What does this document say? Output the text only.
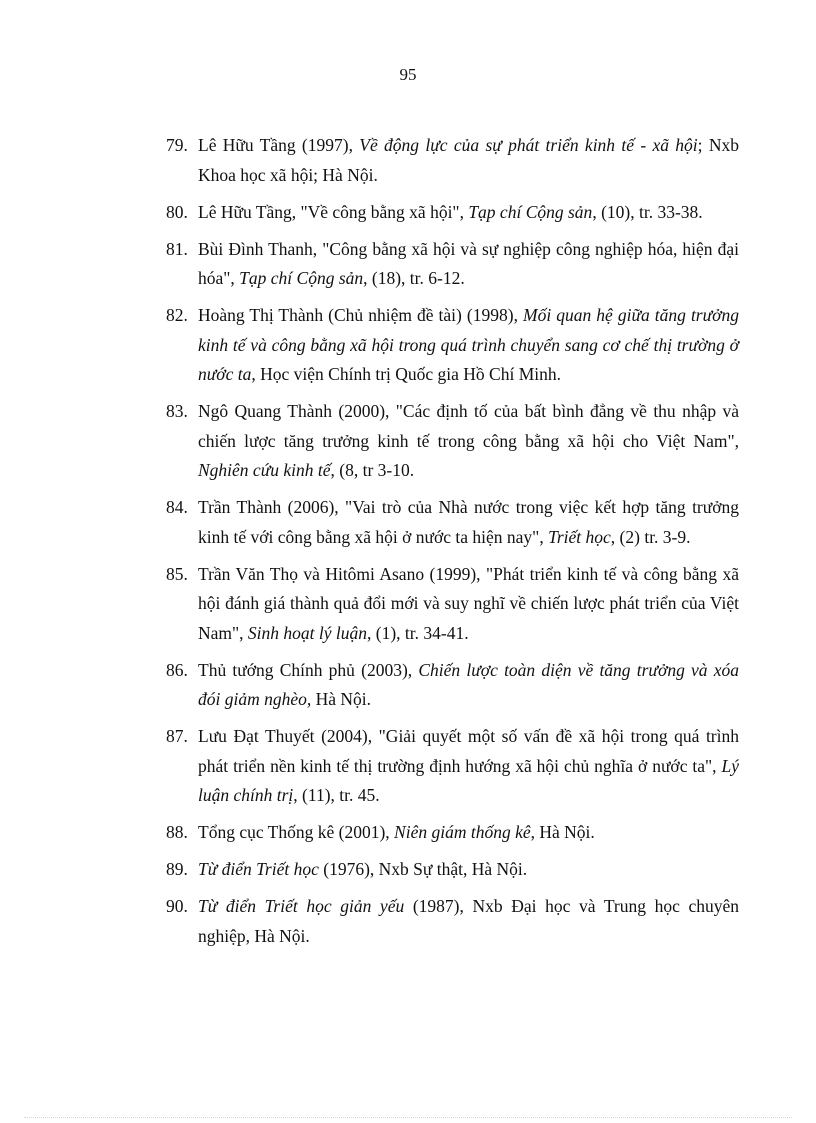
95
79. Lê Hữu Tầng (1997), Về động lực của sự phát triển kinh tế - xã hội; Nxb Khoa học xã hội; Hà Nội.
80. Lê Hữu Tầng, "Về công bằng xã hội", Tạp chí Cộng sản, (10), tr. 33-38.
81. Bùi Đình Thanh, "Công bằng xã hội và sự nghiệp công nghiệp hóa, hiện đại hóa", Tạp chí Cộng sản, (18), tr. 6-12.
82. Hoàng Thị Thành (Chủ nhiệm đề tài) (1998), Mối quan hệ giữa tăng trưởng kinh tế và công bằng xã hội trong quá trình chuyển sang cơ chế thị trường ở nước ta, Học viện Chính trị Quốc gia Hồ Chí Minh.
83. Ngô Quang Thành (2000), "Các định tố của bất bình đẳng về thu nhập và chiến lược tăng trưởng kinh tế trong công bằng xã hội cho Việt Nam", Nghiên cứu kinh tế, (8, tr 3-10.
84. Trần Thành (2006), "Vai trò của Nhà nước trong việc kết hợp tăng trưởng kinh tế với công bằng xã hội ở nước ta hiện nay", Triết học, (2) tr. 3-9.
85. Trần Văn Thọ và Hitômi Asano (1999), "Phát triển kinh tế và công bằng xã hội đánh giá thành quả đổi mới và suy nghĩ về chiến lược phát triển của Việt Nam", Sinh hoạt lý luận, (1), tr. 34-41.
86. Thủ tướng Chính phủ (2003), Chiến lược toàn diện về tăng trưởng và xóa đói giảm nghèo, Hà Nội.
87. Lưu Đạt Thuyết (2004), "Giải quyết một số vấn đề xã hội trong quá trình phát triển nền kinh tế thị trường định hướng xã hội chủ nghĩa ở nước ta", Lý luận chính trị, (11), tr. 45.
88. Tổng cục Thống kê (2001), Niên giám thống kê, Hà Nội.
89. Từ điển Triết học (1976), Nxb Sự thật, Hà Nội.
90. Từ điển Triết học giản yếu (1987), Nxb Đại học và Trung học chuyên nghiệp, Hà Nội.
